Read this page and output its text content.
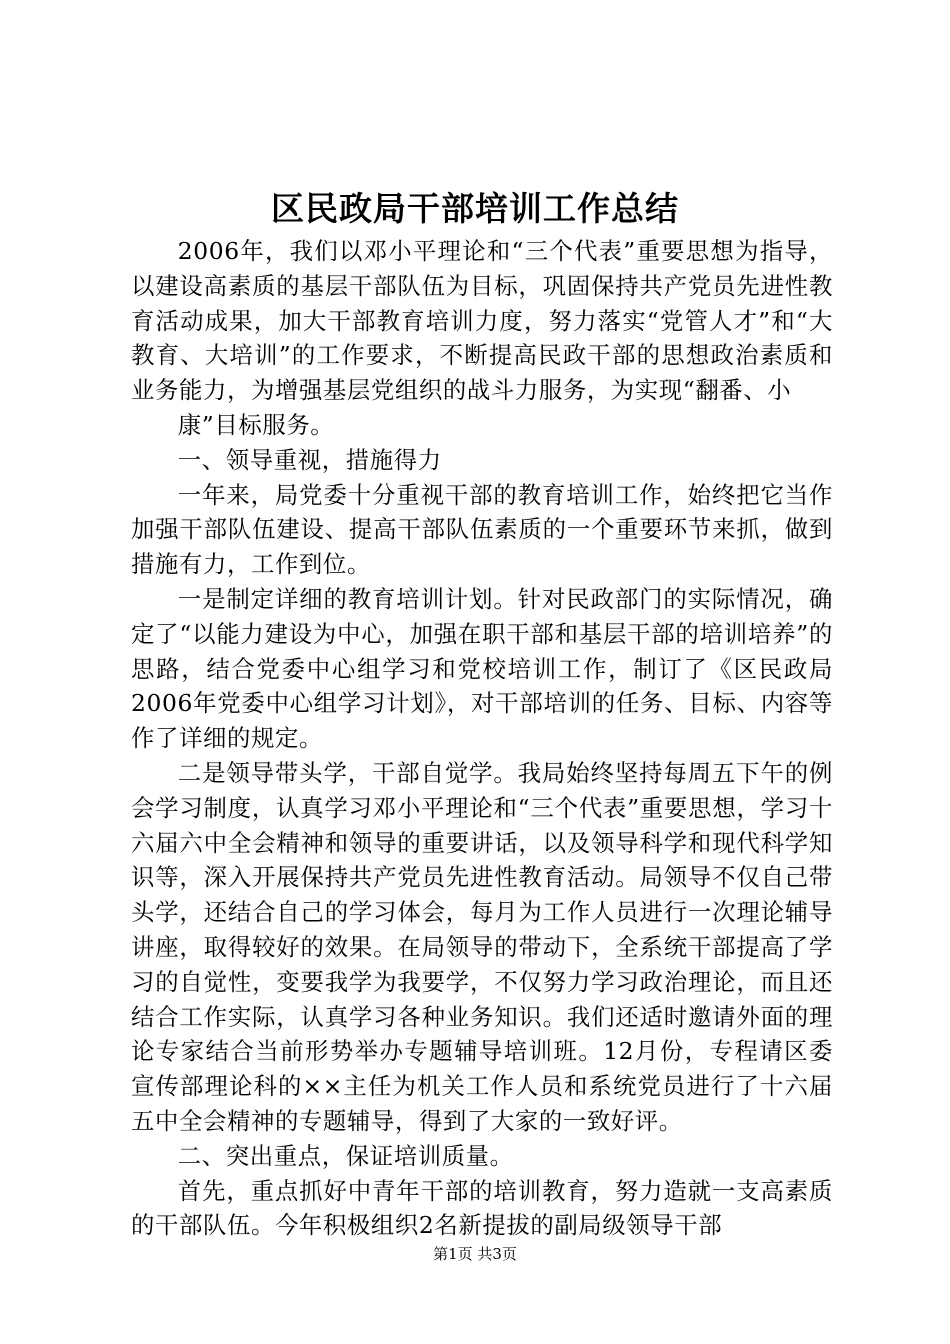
区民政局干部培训工作总结

2006年，我们以邓小平理论和“三个代表”重要思想为指导，以建设高素质的基层干部队伍为目标，巩固保持共产党员先进性教育活动成果，加大干部教育培训力度，努力落实“党管人才”和“大教育、大培训”的工作要求，不断提高民政干部的思想政治素质和业务能力，为增强基层党组织的战斗力服务，为实现“翻番、小

康”目标服务。

一、领导重视，措施得力

一年来，局党委十分重视干部的教育培训工作，始终把它当作加强干部队伍建设、提高干部队伍素质的一个重要环节来抓，做到措施有力，工作到位。

一是制定详细的教育培训计划。针对民政部门的实际情况，确定了“以能力建设为中心，加强在职干部和基层干部的培训培养”的思路，结合党委中心组学习和党校培训工作，制订了《区民政局2006年党委中心组学习计划》，对干部培训的任务、目标、内容等作了详细的规定。

二是领导带头学，干部自觉学。我局始终坚持每周五下午的例会学习制度，认真学习邓小平理论和“三个代表”重要思想，学习十六届六中全会精神和领导的重要讲话，以及领导科学和现代科学知识等，深入开展保持共产党员先进性教育活动。局领导不仅自己带头学，还结合自己的学习体会，每月为工作人员进行一次理论辅导讲座，取得较好的效果。在局领导的带动下，全系统干部提高了学习的自觉性，变要我学为我要学，不仅努力学习政治理论，而且还结合工作实际，认真学习各种业务知识。我们还适时邀请外面的理论专家结合当前形势举办专题辅导培训班。12月份，专程请区委宣传部理论科的××主任为机关工作人员和系统党员进行了十六届五中全会精神的专题辅导，得到了大家的一致好评。

二、突出重点，保证培训质量。

首先，重点抓好中青年干部的培训教育，努力造就一支高素质的干部队伍。今年积极组织2名新提拔的副局级领导干部

第1页 共3页
